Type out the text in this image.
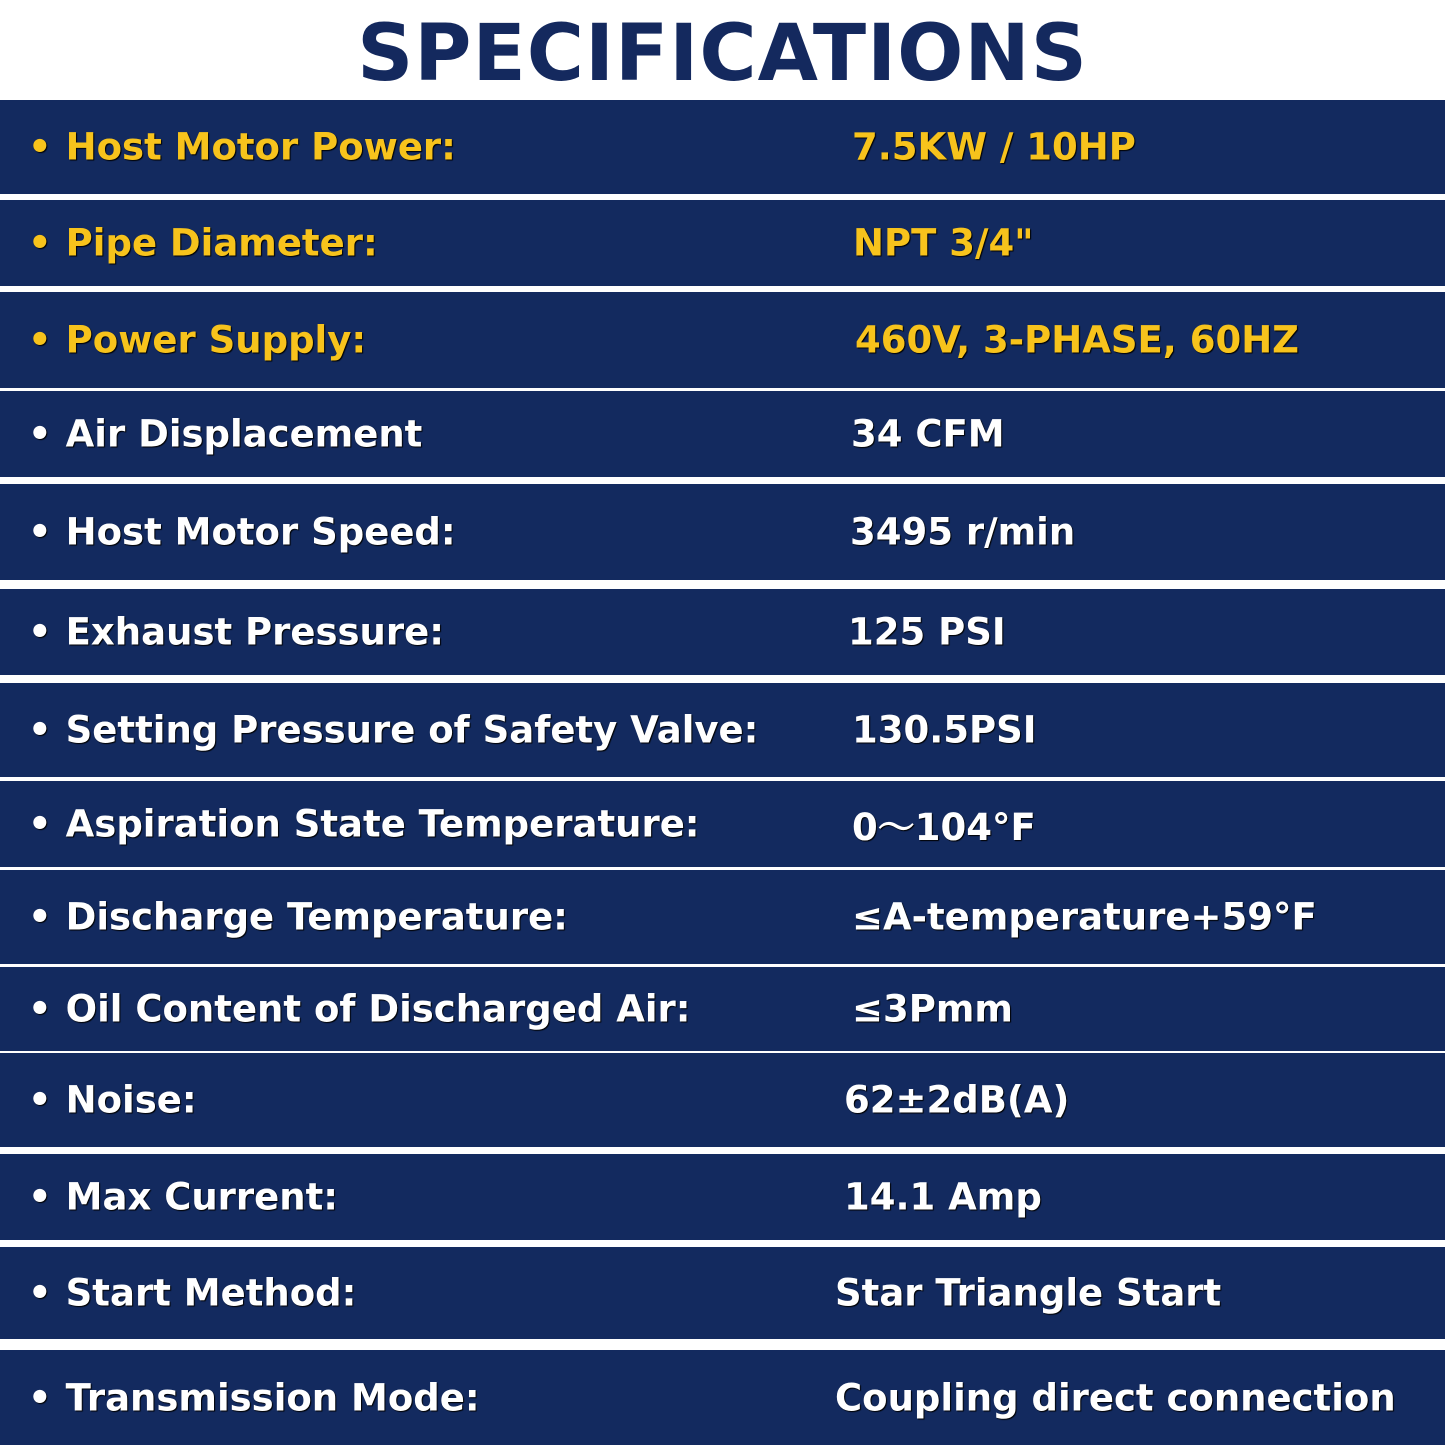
SPECIFICATIONS
• Host Motor Power:	7.5KW / 10HP
• Pipe Diameter:	NPT 3/4"
• Power Supply:	460V, 3-PHASE, 60HZ
• Air Displacement	34 CFM
• Host Motor Speed:	3495 r/min
• Exhaust Pressure:	125 PSI
• Setting Pressure of Safety Valve:	130.5PSI
• Aspiration State Temperature:	0～104°F
• Discharge Temperature:	≤A-temperature+59°F
• Oil Content of Discharged Air:	≤3Pmm
• Noise:	62±2dB(A)
• Max Current:	14.1 Amp
• Start Method:	Star Triangle Start
• Transmission Mode:	Coupling direct connection
